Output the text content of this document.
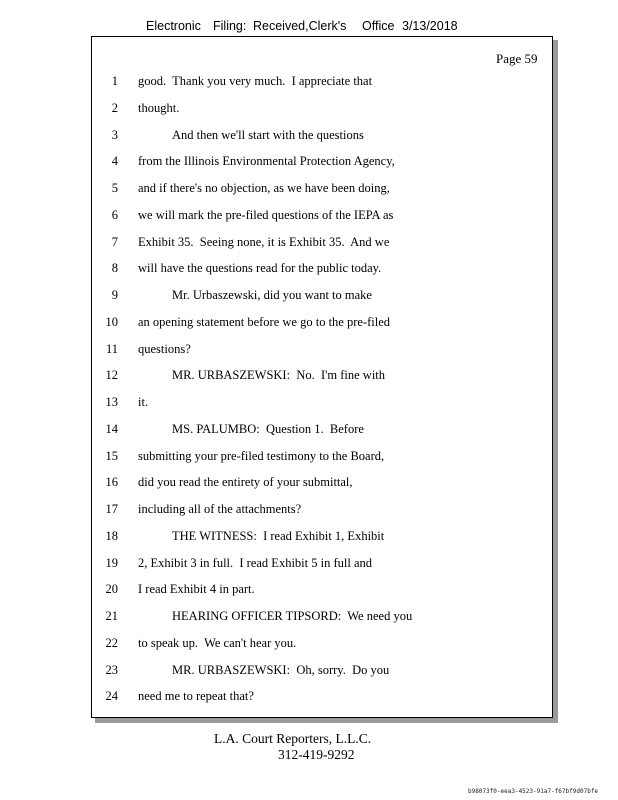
Electronic Filing: Received,Clerk's Office 3/13/2018
Page 59
1 good.  Thank you very much.  I appreciate that
2 thought.
3	And then we'll start with the questions
4 from the Illinois Environmental Protection Agency,
5 and if there's no objection, as we have been doing,
6 we will mark the pre-filed questions of the IEPA as
7 Exhibit 35.  Seeing none, it is Exhibit 35.  And we
8 will have the questions read for the public today.
9	Mr. Urbaszewski, did you want to make
10 an opening statement before we go to the pre-filed
11 questions?
12	MR. URBASZEWSKI:  No.  I'm fine with
13 it.
14	MS. PALUMBO:  Question 1.  Before
15 submitting your pre-filed testimony to the Board,
16 did you read the entirety of your submittal,
17 including all of the attachments?
18	THE WITNESS:  I read Exhibit 1, Exhibit
19 2, Exhibit 3 in full.  I read Exhibit 5 in full and
20 I read Exhibit 4 in part.
21	HEARING OFFICER TIPSORD:  We need you
22 to speak up.  We can't hear you.
23	MR. URBASZEWSKI:  Oh, sorry.  Do you
24 need me to repeat that?
L.A. Court Reporters, L.L.C.
312-419-9292
b98073f0-eea3-4523-91a7-f67bf9d07bfe
